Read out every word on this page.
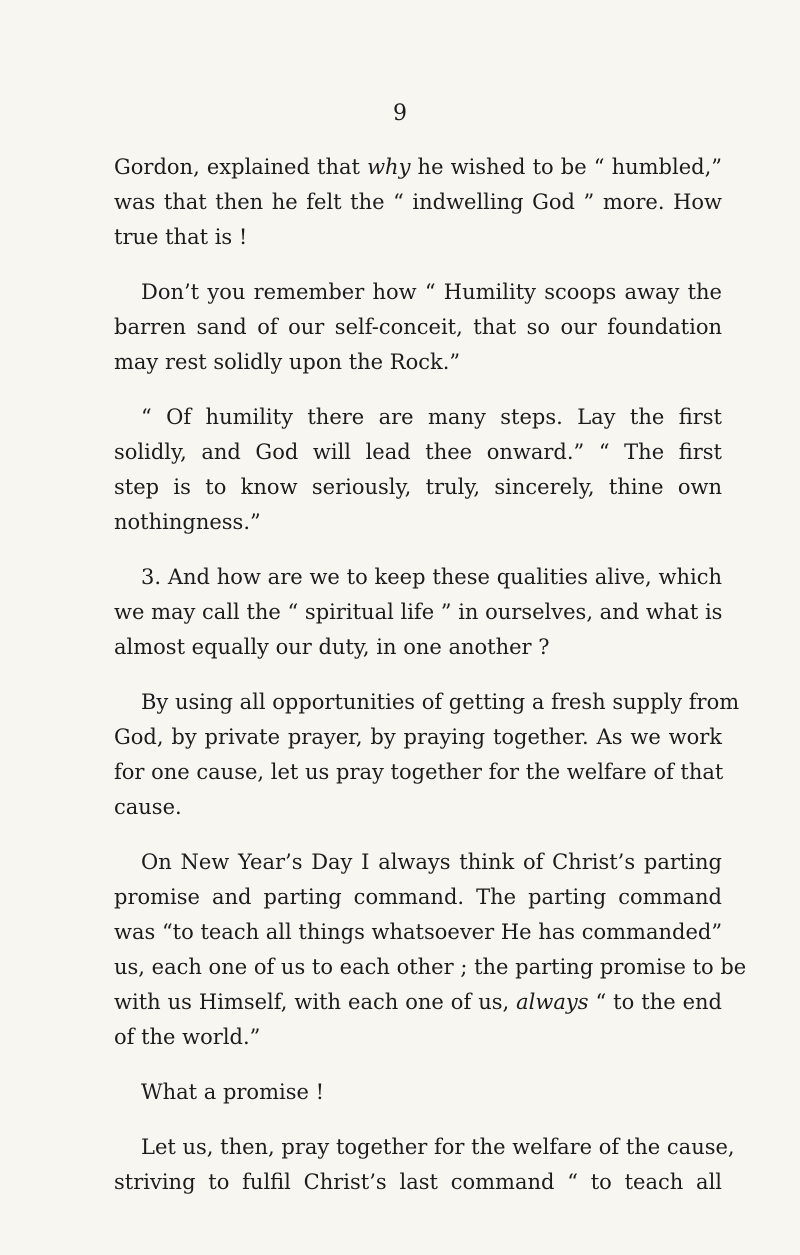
9
Gordon, explained that why he wished to be “ humbled,”
was that then he felt the “ indwelling God ” more. How
true that is !
Don’t you remember how “ Humility scoops away the
barren sand of our self-conceit, that so our foundation
may rest solidly upon the Rock.”
“ Of humility there are many steps. Lay the first
solidly, and God will lead thee onward.” “ The first
step is to know seriously, truly, sincerely, thine own
nothingness.”
3. And how are we to keep these qualities alive, which
we may call the “ spiritual life ” in ourselves, and what is
almost equally our duty, in one another ?
By using all opportunities of getting a fresh supply from
God, by private prayer, by praying together. As we work
for one cause, let us pray together for the welfare of that
cause.
On New Year’s Day I always think of Christ’s parting
promise and parting command. The parting command
was “to teach all things whatsoever He has commanded”
us, each one of us to each other ; the parting promise to be
with us Himself, with each one of us, always “ to the end
of the world.”
What a promise !
Let us, then, pray together for the welfare of the cause,
striving to fulfil Christ’s last command “ to teach all
